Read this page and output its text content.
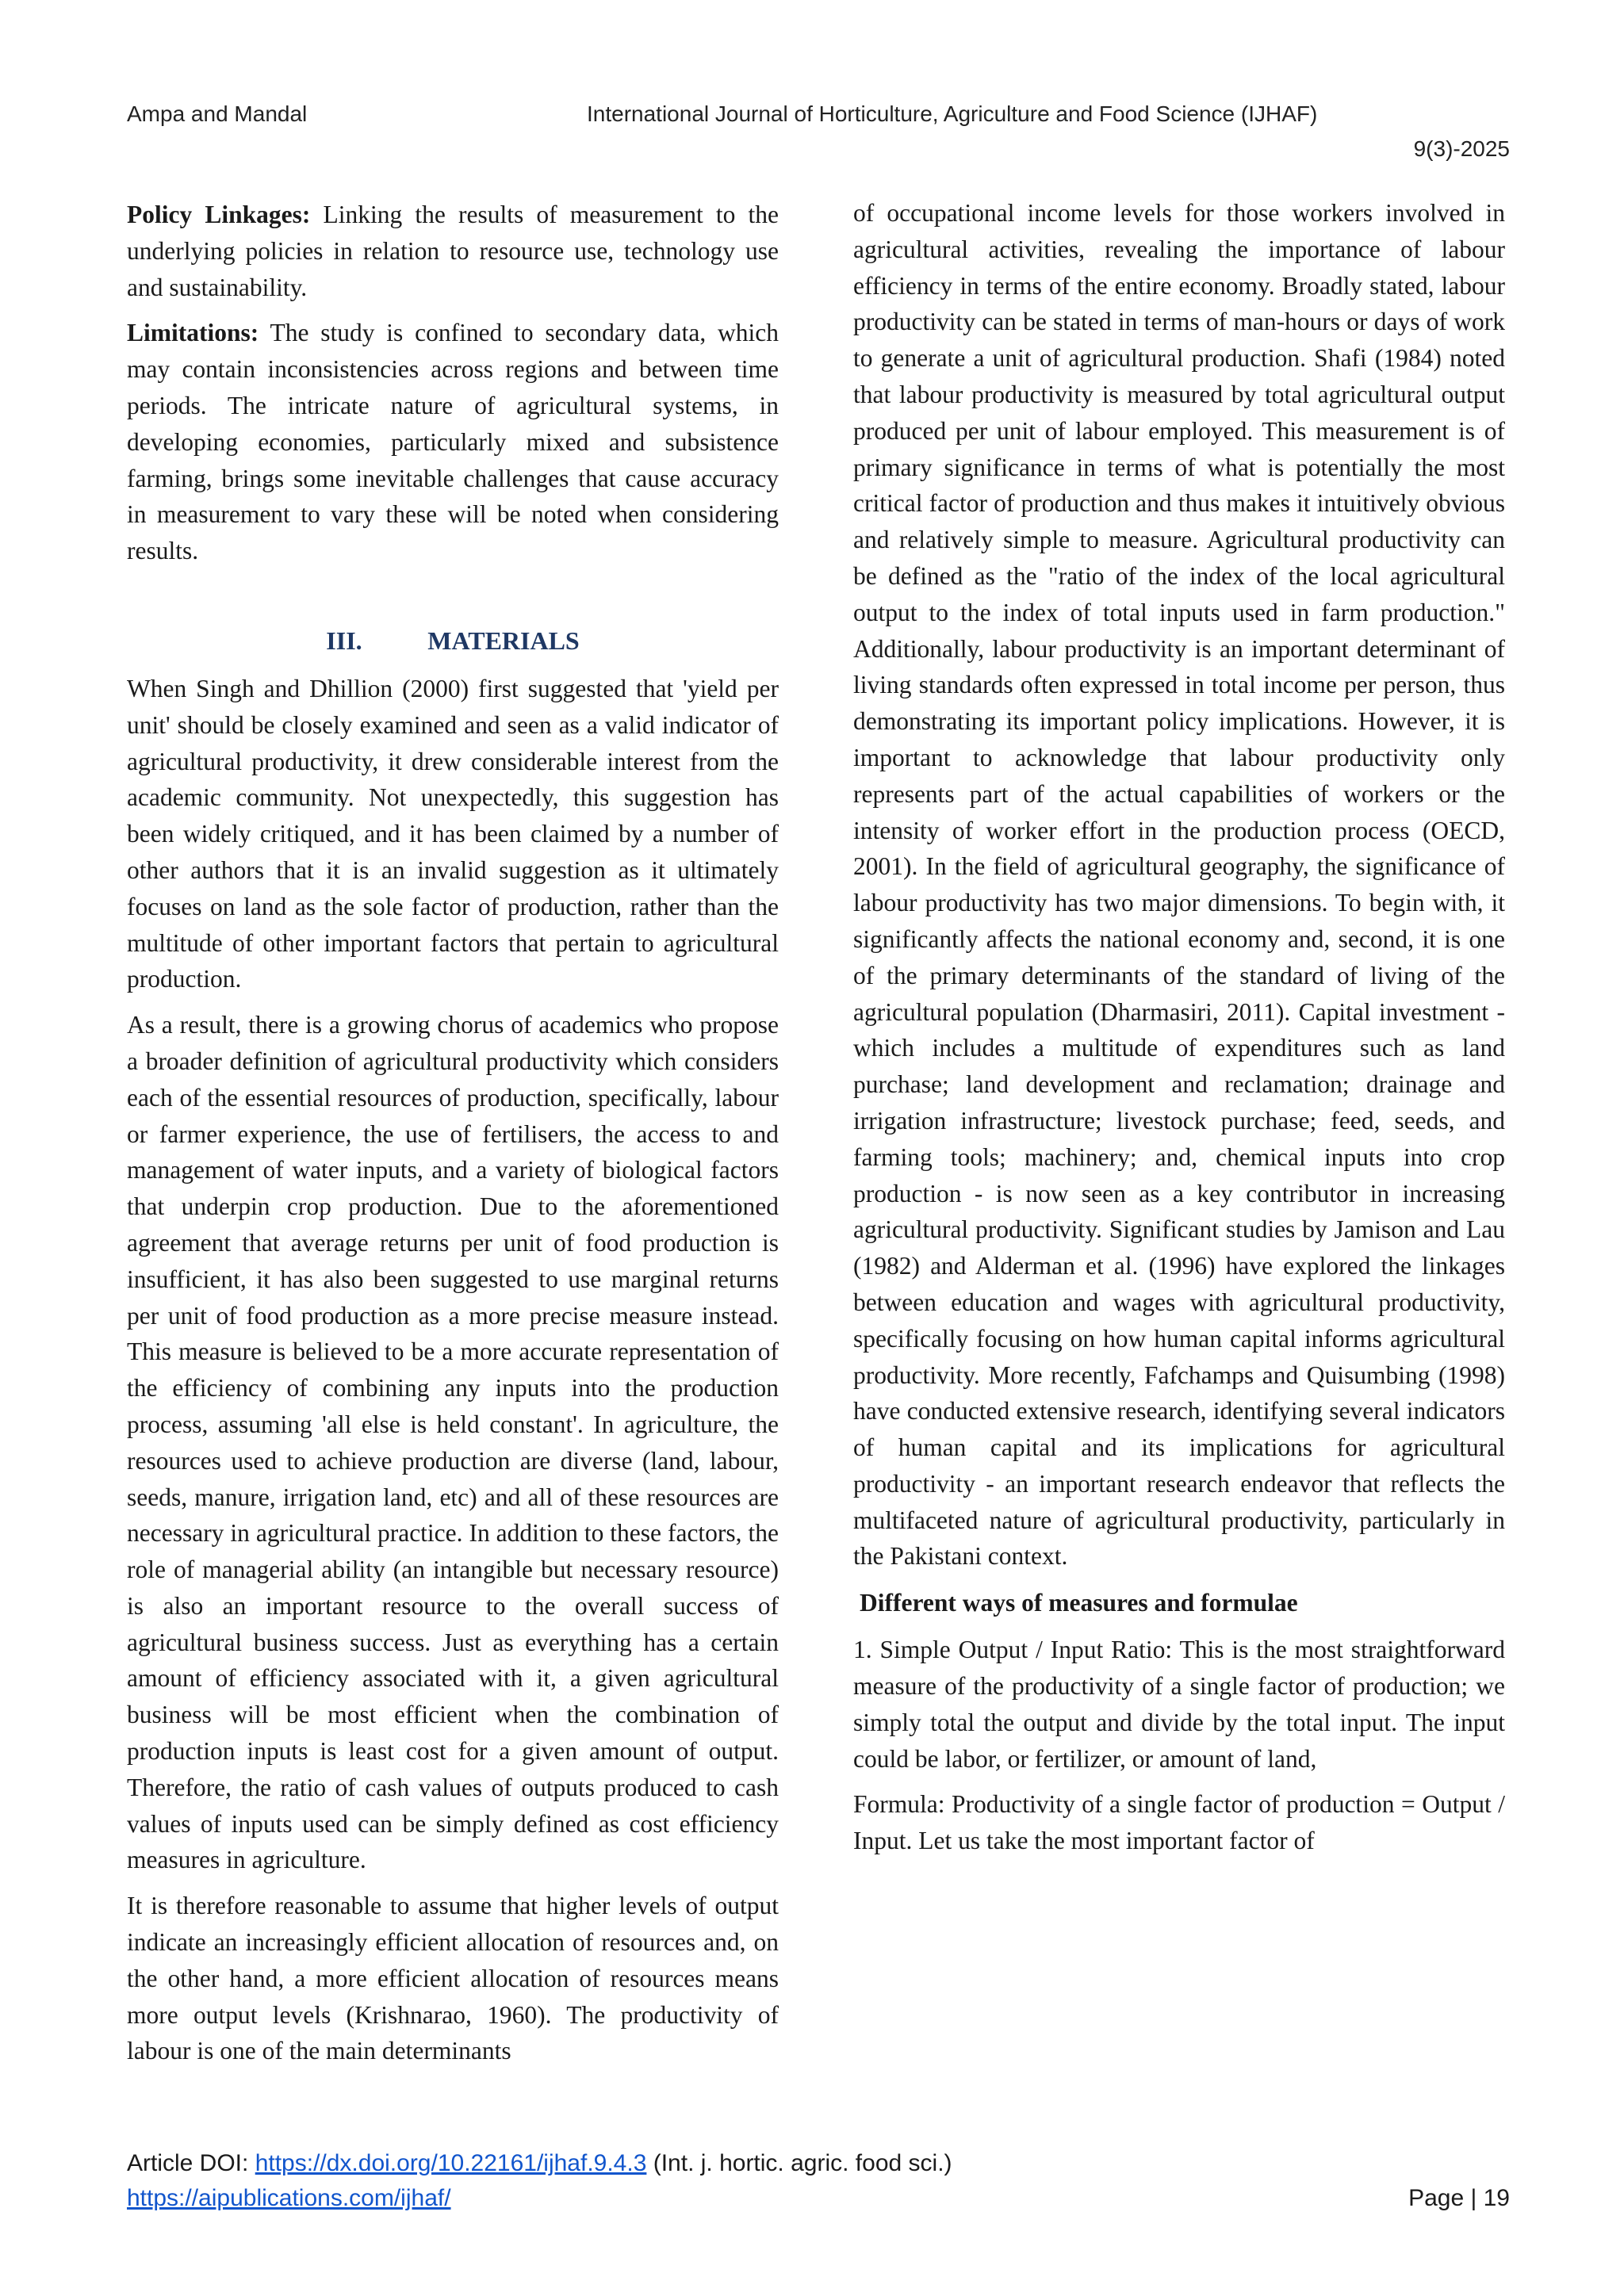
Ampa and Mandal	International Journal of Horticulture, Agriculture and Food Science (IJHAF)
9(3)-2025

Policy Linkages: Linking the results of measurement to the underlying policies in relation to resource use, technology use and sustainability.

Limitations: The study is confined to secondary data, which may contain inconsistencies across regions and between time periods. The intricate nature of agricultural systems, in developing economies, particularly mixed and subsistence farming, brings some inevitable challenges that cause accuracy in measurement to vary these will be noted when considering results.

III.	MATERIALS

When Singh and Dhillion (2000) first suggested that 'yield per unit' should be closely examined and seen as a valid indicator of agricultural productivity, it drew considerable interest from the academic community. Not unexpectedly, this suggestion has been widely critiqued, and it has been claimed by a number of other authors that it is an invalid suggestion as it ultimately focuses on land as the sole factor of production, rather than the multitude of other important factors that pertain to agricultural production.

As a result, there is a growing chorus of academics who propose a broader definition of agricultural productivity which considers each of the essential resources of production, specifically, labour or farmer experience, the use of fertilisers, the access to and management of water inputs, and a variety of biological factors that underpin crop production. Due to the aforementioned agreement that average returns per unit of food production is insufficient, it has also been suggested to use marginal returns per unit of food production as a more precise measure instead. This measure is believed to be a more accurate representation of the efficiency of combining any inputs into the production process, assuming 'all else is held constant'. In agriculture, the resources used to achieve production are diverse (land, labour, seeds, manure, irrigation land, etc) and all of these resources are necessary in agricultural practice. In addition to these factors, the role of managerial ability (an intangible but necessary resource) is also an important resource to the overall success of agricultural business success. Just as everything has a certain amount of efficiency associated with it, a given agricultural business will be most efficient when the combination of production inputs is least cost for a given amount of output. Therefore, the ratio of cash values of outputs produced to cash values of inputs used can be simply defined as cost efficiency measures in agriculture.

It is therefore reasonable to assume that higher levels of output indicate an increasingly efficient allocation of resources and, on the other hand, a more efficient allocation of resources means more output levels (Krishnarao, 1960). The productivity of labour is one of the main determinants

of occupational income levels for those workers involved in agricultural activities, revealing the importance of labour efficiency in terms of the entire economy. Broadly stated, labour productivity can be stated in terms of man-hours or days of work to generate a unit of agricultural production. Shafi (1984) noted that labour productivity is measured by total agricultural output produced per unit of labour employed. This measurement is of primary significance in terms of what is potentially the most critical factor of production and thus makes it intuitively obvious and relatively simple to measure. Agricultural productivity can be defined as the "ratio of the index of the local agricultural output to the index of total inputs used in farm production." Additionally, labour productivity is an important determinant of living standards often expressed in total income per person, thus demonstrating its important policy implications. However, it is important to acknowledge that labour productivity only represents part of the actual capabilities of workers or the intensity of worker effort in the production process (OECD, 2001). In the field of agricultural geography, the significance of labour productivity has two major dimensions. To begin with, it significantly affects the national economy and, second, it is one of the primary determinants of the standard of living of the agricultural population (Dharmasiri, 2011). Capital investment - which includes a multitude of expenditures such as land purchase; land development and reclamation; drainage and irrigation infrastructure; livestock purchase; feed, seeds, and farming tools; machinery; and, chemical inputs into crop production - is now seen as a key contributor in increasing agricultural productivity. Significant studies by Jamison and Lau (1982) and Alderman et al. (1996) have explored the linkages between education and wages with agricultural productivity, specifically focusing on how human capital informs agricultural productivity. More recently, Fafchamps and Quisumbing (1998) have conducted extensive research, identifying several indicators of human capital and its implications for agricultural productivity - an important research endeavor that reflects the multifaceted nature of agricultural productivity, particularly in the Pakistani context.

Different ways of measures and formulae

1. Simple Output / Input Ratio: This is the most straightforward measure of the productivity of a single factor of production; we simply total the output and divide by the total input. The input could be labor, or fertilizer, or amount of land,

Formula: Productivity of a single factor of production = Output / Input. Let us take the most important factor of

Article DOI: https://dx.doi.org/10.22161/ijhaf.9.4.3 (Int. j. hortic. agric. food sci.)
https://aipublications.com/ijhaf/	Page | 19
